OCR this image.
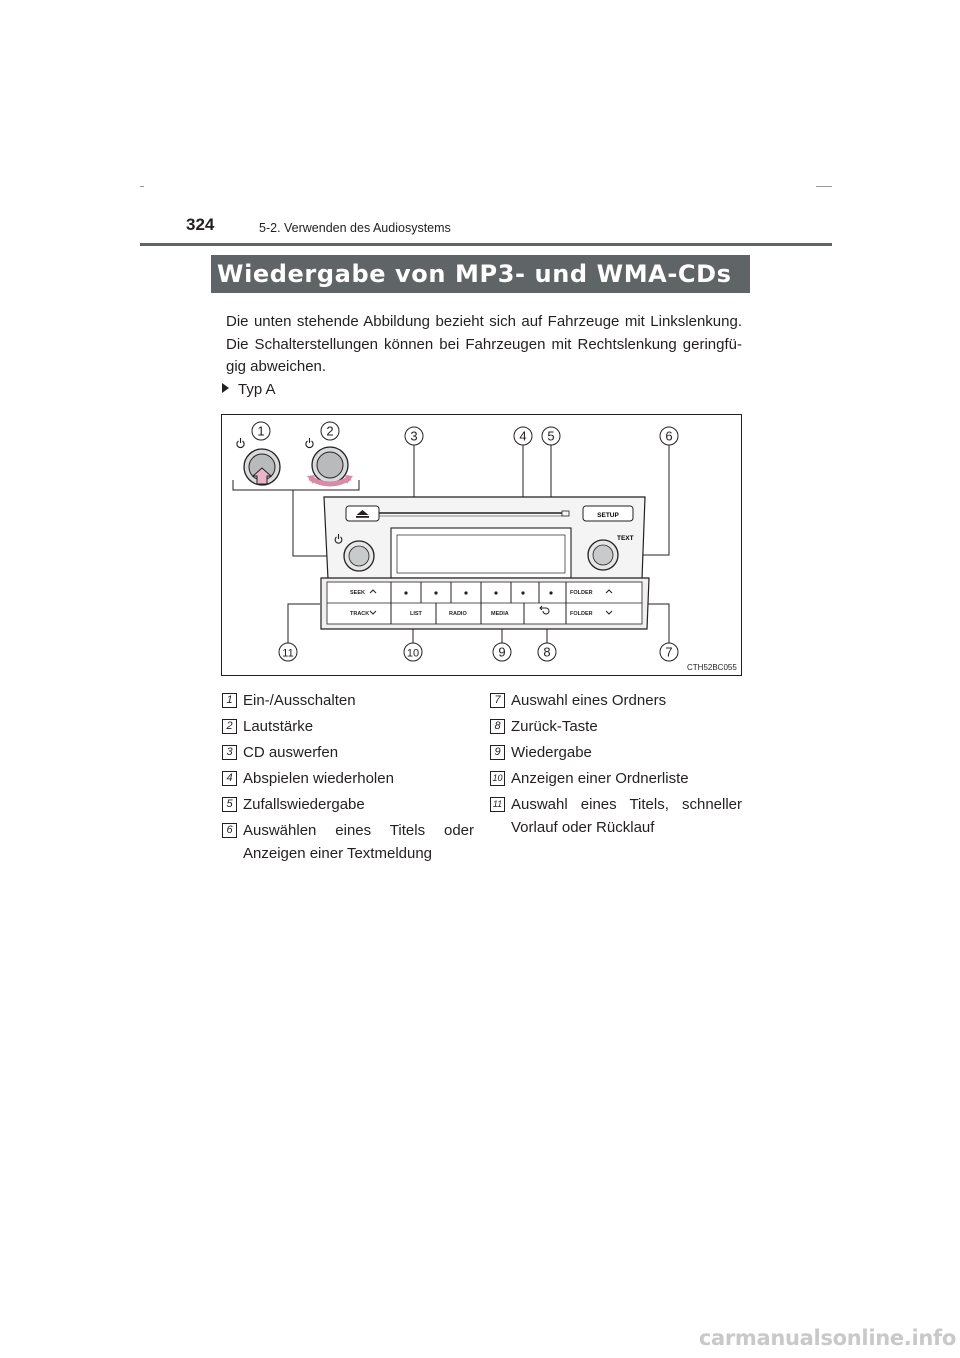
324	5-2. Verwenden des Audiosystems
Wiedergabe von MP3- und WMA-CDs

Die unten stehende Abbildung bezieht sich auf Fahrzeuge mit Linkslenkung. Die Schalterstellungen können bei Fahrzeugen mit Rechtslenkung geringfü-gig abweichen.

Typ A
1	2	3	4 5	6
7
8
9
10
11
SETUP
TEXT
SEEK
TRACK
FOLDER
FOLDER
LIST	RADIO	MEDIA
CTH52BC055
1 Ein-/Ausschalten
2 Lautstärke
3 CD auswerfen
4 Abspielen wiederholen
5 Zufallswiedergabe
6 Auswählen eines Titels oder Anzeigen einer Textmeldung
7 Auswahl eines Ordners
8 Zurück-Taste
9 Wiedergabe
10 Anzeigen einer Ordnerliste
11 Auswahl eines Titels, schneller Vorlauf oder Rücklauf
carmanualsonline.info
